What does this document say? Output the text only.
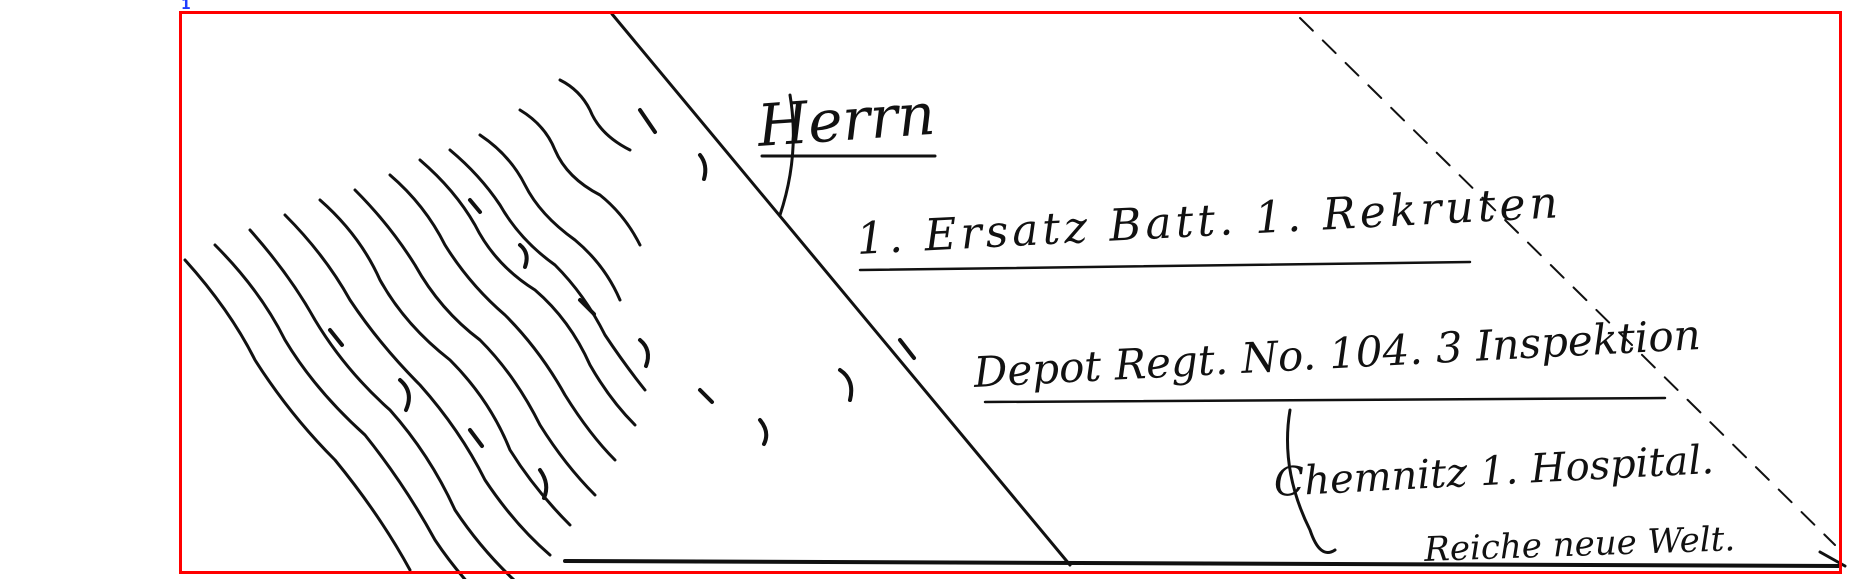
Herrn
1. Ersatz Batt. 1. Rekruten
Depot Regt. No. 104. 3 Inspektion
Chemnitz 1. Hospital.
Reiche neue Welt.
1
